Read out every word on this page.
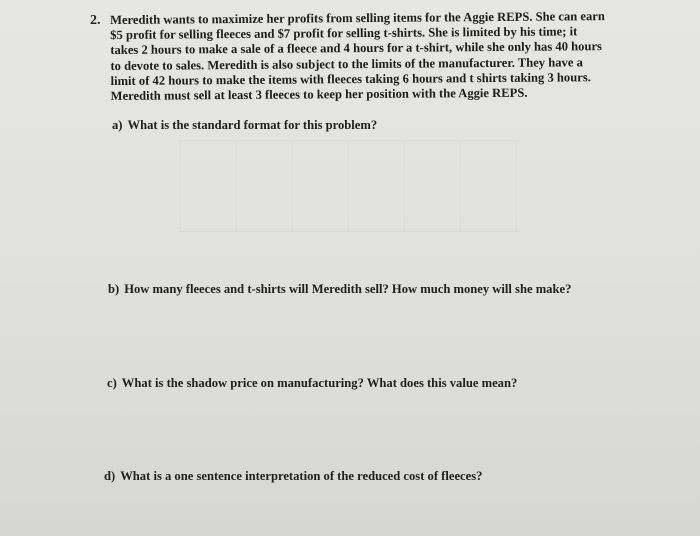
2. Meredith wants to maximize her profits from selling items for the Aggie REPS. She can earn $5 profit for selling fleeces and $7 profit for selling t-shirts. She is limited by his time; it takes 2 hours to make a sale of a fleece and 4 hours for a t-shirt, while she only has 40 hours to devote to sales. Meredith is also subject to the limits of the manufacturer. They have a limit of 42 hours to make the items with fleeces taking 6 hours and t shirts taking 3 hours. Meredith must sell at least 3 fleeces to keep her position with the Aggie REPS.

a) What is the standard format for this problem?
b) How many fleeces and t-shirts will Meredith sell? How much money will she make?
c) What is the shadow price on manufacturing? What does this value mean?
d) What is a one sentence interpretation of the reduced cost of fleeces?
